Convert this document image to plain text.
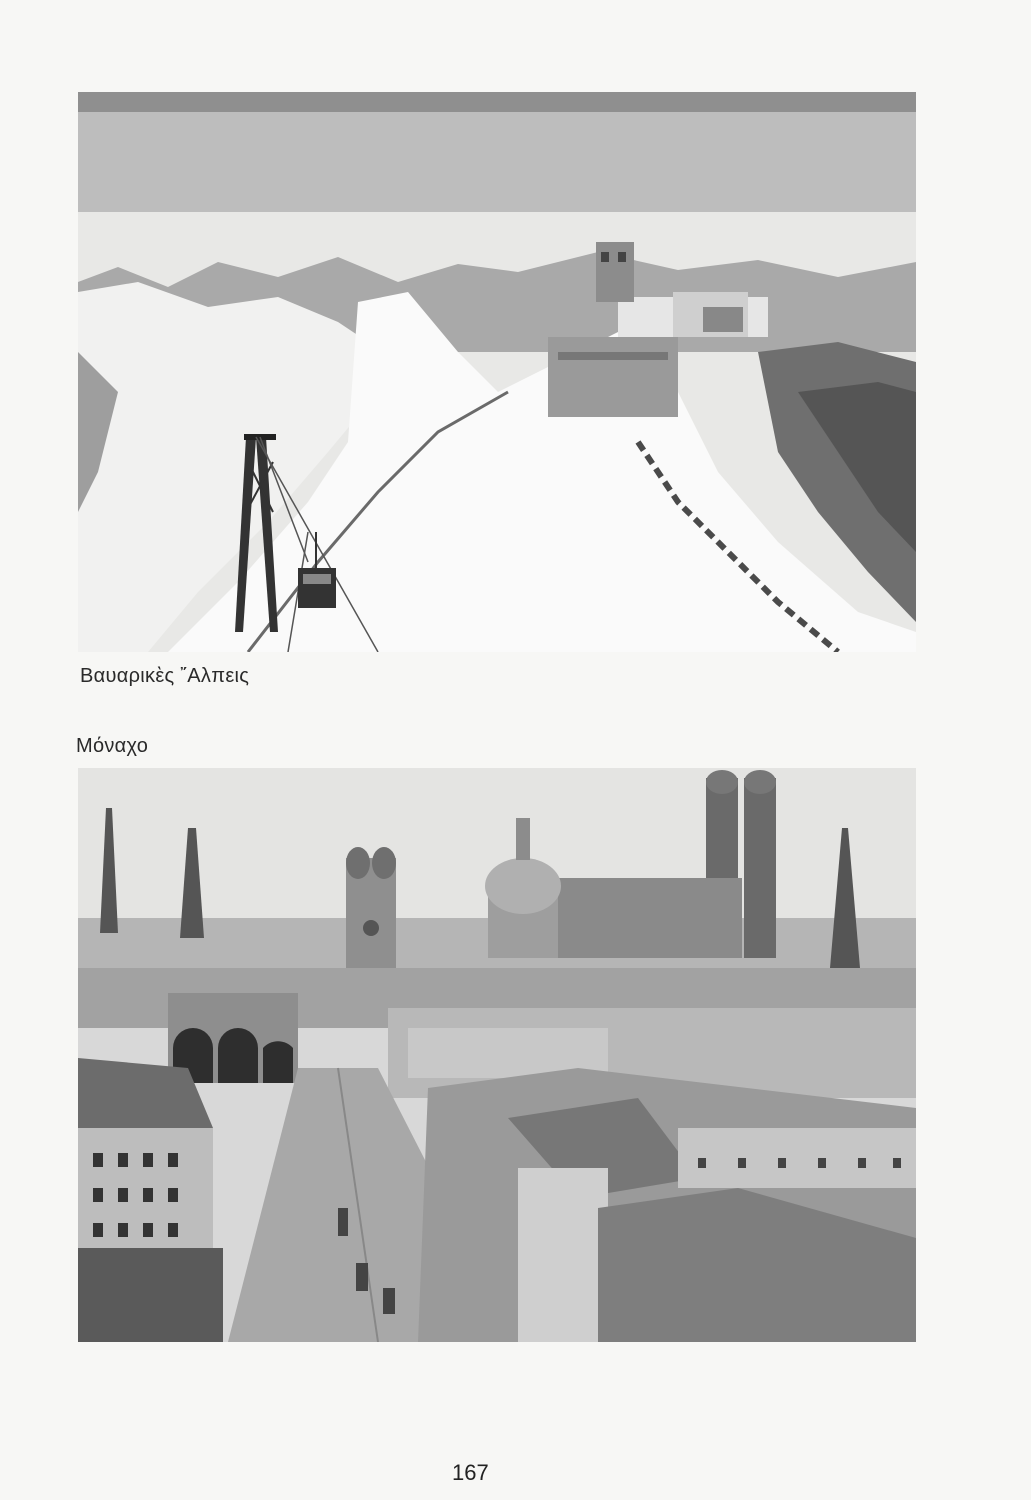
Βαυαρικὲς ῎Αλπεις
Μόναχο
167
